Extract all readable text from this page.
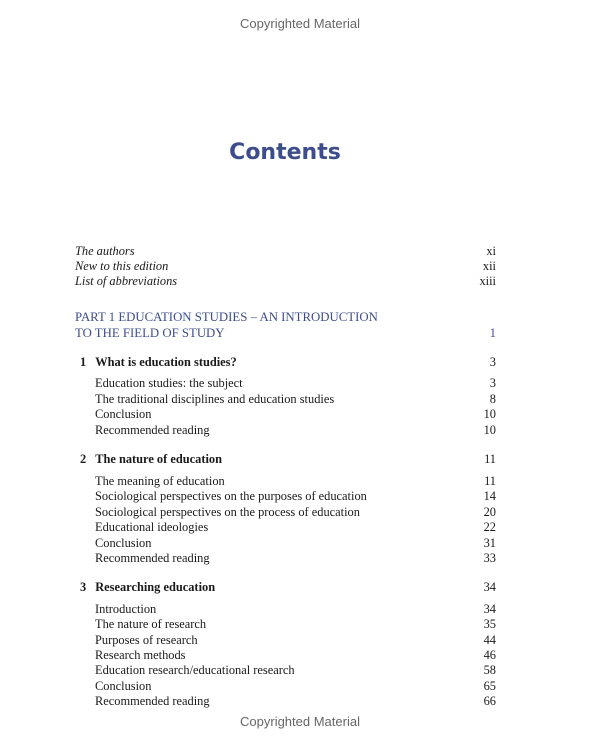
Copyrighted Material
Contents
The authors	xi
New to this edition	xii
List of abbreviations	xiii
PART 1 EDUCATION STUDIES – AN INTRODUCTION
TO THE FIELD OF STUDY	1
1 What is education studies?	3
Education studies: the subject	3
The traditional disciplines and education studies	8
Conclusion	10
Recommended reading	10
2 The nature of education	11
The meaning of education	11
Sociological perspectives on the purposes of education	14
Sociological perspectives on the process of education	20
Educational ideologies	22
Conclusion	31
Recommended reading	33
3 Researching education	34
Introduction	34
The nature of research	35
Purposes of research	44
Research methods	46
Education research/educational research	58
Conclusion	65
Recommended reading	66
Copyrighted Material
